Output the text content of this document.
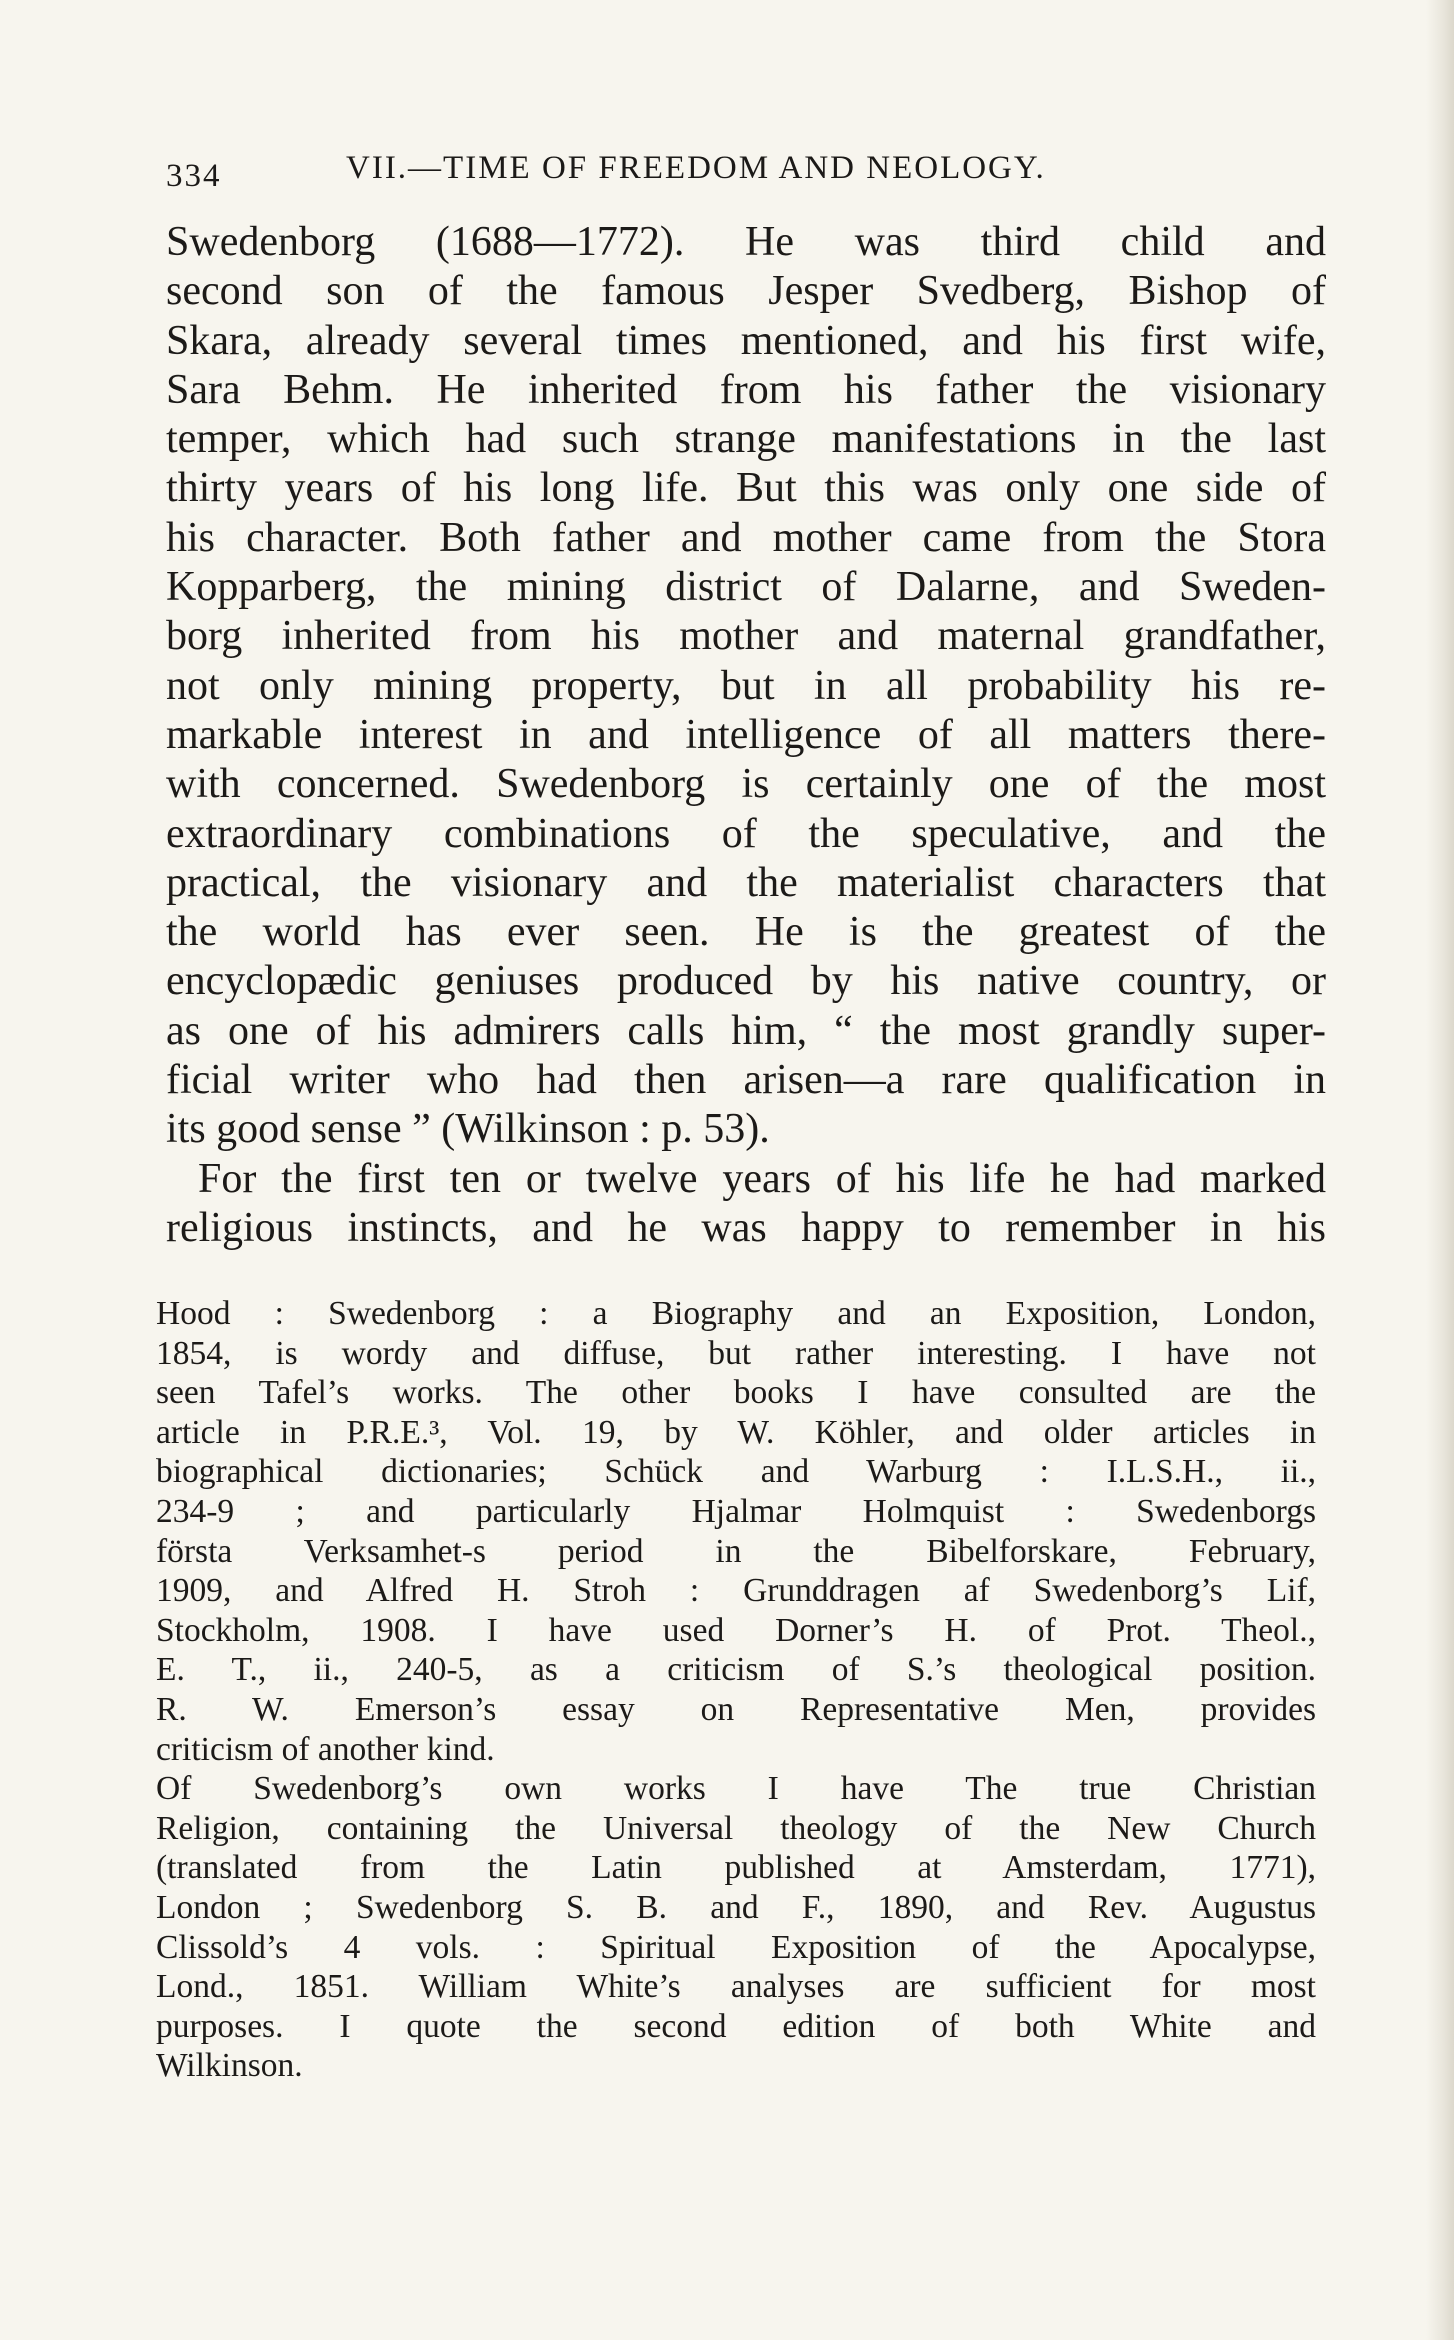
334	VII.—TIME OF FREEDOM AND NEOLOGY.
Swedenborg (1688—1772). He was third child and
second son of the famous Jesper Svedberg, Bishop of
Skara, already several times mentioned, and his first wife,
Sara Behm. He inherited from his father the visionary
temper, which had such strange manifestations in the last
thirty years of his long life. But this was only one side of
his character. Both father and mother came from the Stora
Kopparberg, the mining district of Dalarne, and Sweden-
borg inherited from his mother and maternal grandfather,
not only mining property, but in all probability his re-
markable interest in and intelligence of all matters there-
with concerned. Swedenborg is certainly one of the most
extraordinary combinations of the speculative, and the
practical, the visionary and the materialist characters that
the world has ever seen. He is the greatest of the
encyclopædic geniuses produced by his native country, or
as one of his admirers calls him, “ the most grandly super-
ficial writer who had then arisen—a rare qualification in
its good sense ” (Wilkinson : p. 53).
For the first ten or twelve years of his life he had marked
religious instincts, and he was happy to remember in his
Hood : Swedenborg : a Biography and an Exposition, London,
1854, is wordy and diffuse, but rather interesting. I have not
seen Tafel’s works. The other books I have consulted are the
article in P.R.E.³, Vol. 19, by W. Köhler, and older articles in
biographical dictionaries; Schück and Warburg : I.L.S.H., ii.,
234-9 ; and particularly Hjalmar Holmquist : Swedenborgs
första Verksamhet-s period in the Bibelforskare, February,
1909, and Alfred H. Stroh : Grunddragen af Swedenborg’s Lif,
Stockholm, 1908. I have used Dorner’s H. of Prot. Theol.,
E. T., ii., 240-5, as a criticism of S.’s theological position.
R. W. Emerson’s essay on Representative Men, provides
criticism of another kind.
Of Swedenborg’s own works I have The true Christian
Religion, containing the Universal theology of the New Church
(translated from the Latin published at Amsterdam, 1771),
London ; Swedenborg S. B. and F., 1890, and Rev. Augustus
Clissold’s 4 vols. : Spiritual Exposition of the Apocalypse,
Lond., 1851. William White’s analyses are sufficient for most
purposes. I quote the second edition of both White and
Wilkinson.
